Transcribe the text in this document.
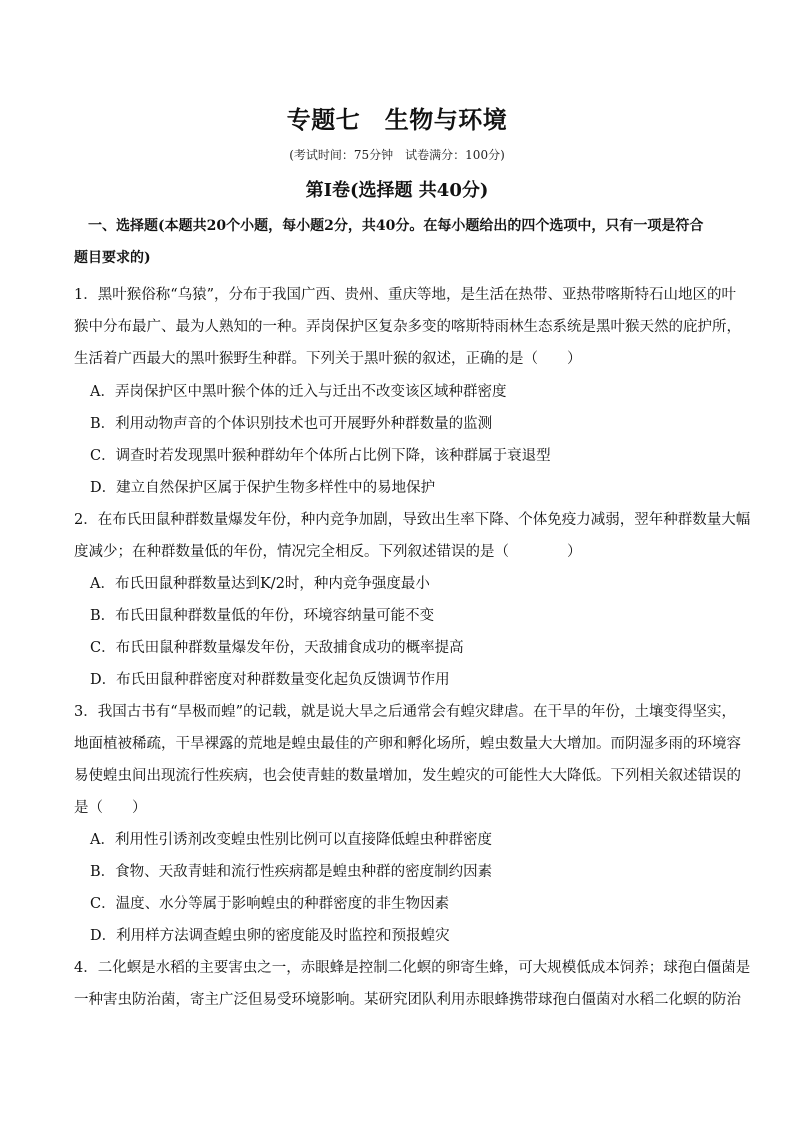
专题七　生物与环境
(考试时间：75分钟　试卷满分：100分)
第Ⅰ卷(选择题 共40分)
一、选择题(本题共20个小题，每小题2分，共40分。在每小题给出的四个选项中，只有一项是符合
题目要求的)
1．黑叶猴俗称“乌猿”，分布于我国广西、贵州、重庆等地，是生活在热带、亚热带喀斯特石山地区的叶
猴中分布最广、最为人熟知的一种。弄岗保护区复杂多变的喀斯特雨林生态系统是黑叶猴天然的庇护所，
生活着广西最大的黑叶猴野生种群。下列关于黑叶猴的叙述，正确的是（　　）
A．弄岗保护区中黑叶猴个体的迁入与迁出不改变该区域种群密度
B．利用动物声音的个体识别技术也可开展野外种群数量的监测
C．调查时若发现黑叶猴种群幼年个体所占比例下降，该种群属于衰退型
D．建立自然保护区属于保护生物多样性中的易地保护
2．在布氏田鼠种群数量爆发年份，种内竞争加剧，导致出生率下降、个体免疫力减弱，翌年种群数量大幅
度减少；在种群数量低的年份，情况完全相反。下列叙述错误的是（　　　　）
A．布氏田鼠种群数量达到K/2时，种内竞争强度最小
B．布氏田鼠种群数量低的年份，环境容纳量可能不变
C．布氏田鼠种群数量爆发年份，天敌捕食成功的概率提高
D．布氏田鼠种群密度对种群数量变化起负反馈调节作用
3．我国古书有“旱极而蝗”的记载，就是说大旱之后通常会有蝗灾肆虐。在干旱的年份，土壤变得坚实，
地面植被稀疏，干旱裸露的荒地是蝗虫最佳的产卵和孵化场所，蝗虫数量大大增加。而阴湿多雨的环境容
易使蝗虫间出现流行性疾病，也会使青蛙的数量增加，发生蝗灾的可能性大大降低。下列相关叙述错误的
是（　　）
A．利用性引诱剂改变蝗虫性别比例可以直接降低蝗虫种群密度
B．食物、天敌青蛙和流行性疾病都是蝗虫种群的密度制约因素
C．温度、水分等属于影响蝗虫的种群密度的非生物因素
D．利用样方法调查蝗虫卵的密度能及时监控和预报蝗灾
4．二化螟是水稻的主要害虫之一，赤眼蜂是控制二化螟的卵寄生蜂，可大规模低成本饲养；球孢白僵菌是
一种害虫防治菌，寄主广泛但易受环境影响。某研究团队利用赤眼蜂携带球孢白僵菌对水稻二化螟的防治
